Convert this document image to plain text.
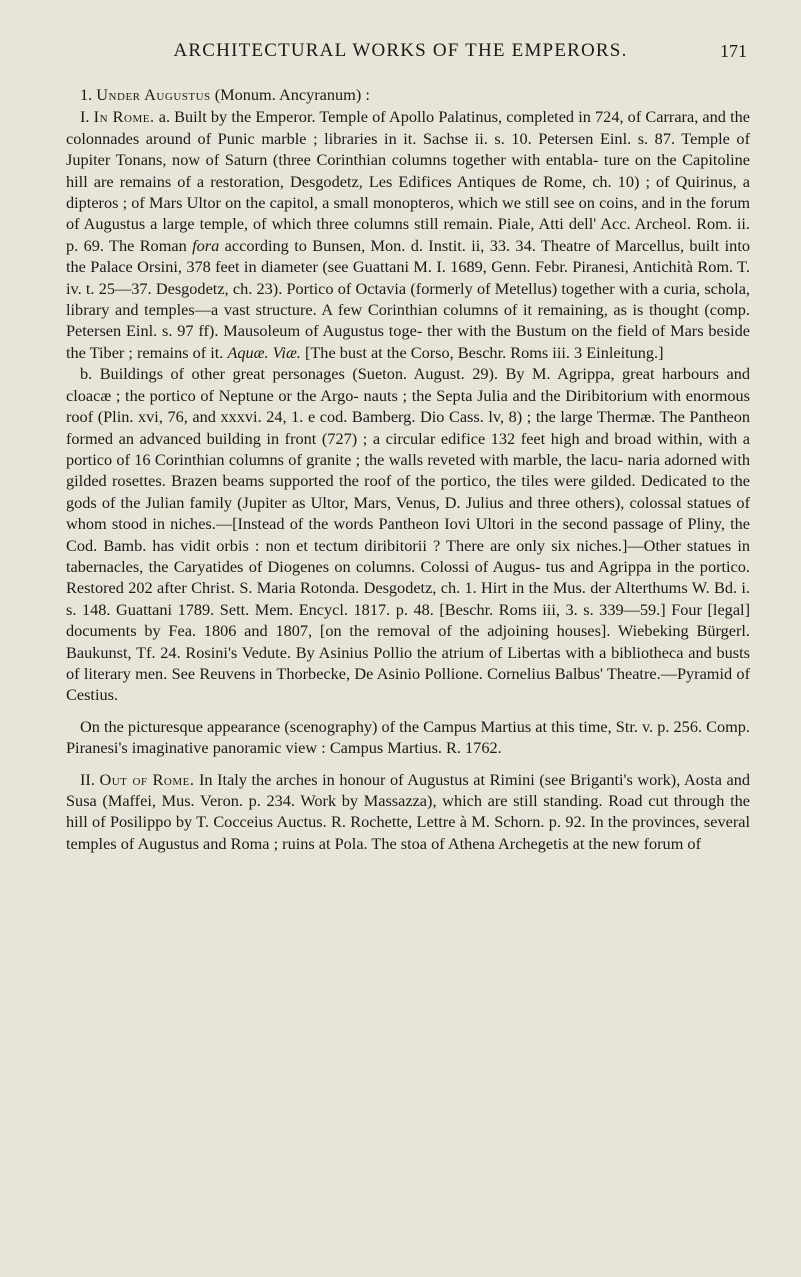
ARCHITECTURAL WORKS OF THE EMPERORS.	171

1. Under Augustus (Monum. Ancyranum) :

I. In Rome. a. Built by the Emperor. Temple of Apollo Palatinus, completed in 724, of Carrara, and the colonnades around of Punic marble ; libraries in it. Sachse ii. s. 10. Petersen Einl. s. 87. Temple of Jupiter Tonans, now of Saturn (three Corinthian columns together with entabla- ture on the Capitoline hill are remains of a restoration, Desgodetz, Les Edifices Antiques de Rome, ch. 10) ; of Quirinus, a dipteros ; of Mars Ultor on the capitol, a small monopteros, which we still see on coins, and in the forum of Augustus a large temple, of which three columns still remain. Piale, Atti dell' Acc. Archeol. Rom. ii. p. 69. The Roman fora according to Bunsen, Mon. d. Instit. ii, 33. 34. Theatre of Marcellus, built into the Palace Orsini, 378 feet in diameter (see Guattani M. I. 1689, Genn. Febr. Piranesi, Antichità Rom. T. iv. t. 25—37. Desgodetz, ch. 23). Portico of Octavia (formerly of Metellus) together with a curia, schola, library and temples—a vast structure. A few Corinthian columns of it remaining, as is thought (comp. Petersen Einl. s. 97 ff). Mausoleum of Augustus toge- ther with the Bustum on the field of Mars beside the Tiber ; remains of it. Aquæ. Viæ. [The bust at the Corso, Beschr. Roms iii. 3 Einleitung.]

b. Buildings of other great personages (Sueton. August. 29). By M. Agrippa, great harbours and cloacæ ; the portico of Neptune or the Argo- nauts ; the Septa Julia and the Diribitorium with enormous roof (Plin. xvi, 76, and xxxvi. 24, 1. e cod. Bamberg. Dio Cass. lv, 8) ; the large Thermæ. The Pantheon formed an advanced building in front (727) ; a circular edifice 132 feet high and broad within, with a portico of 16 Corinthian columns of granite ; the walls reveted with marble, the lacu- naria adorned with gilded rosettes. Brazen beams supported the roof of the portico, the tiles were gilded. Dedicated to the gods of the Julian family (Jupiter as Ultor, Mars, Venus, D. Julius and three others), colossal statues of whom stood in niches.—[Instead of the words Pantheon Iovi Ultori in the second passage of Pliny, the Cod. Bamb. has vidit orbis : non et tectum diribitorii ? There are only six niches.]—Other statues in tabernacles, the Caryatides of Diogenes on columns. Colossi of Augus- tus and Agrippa in the portico. Restored 202 after Christ. S. Maria Rotonda. Desgodetz, ch. 1. Hirt in the Mus. der Alterthums W. Bd. i. s. 148. Guattani 1789. Sett. Mem. Encycl. 1817. p. 48. [Beschr. Roms iii, 3. s. 339—59.] Four [legal] documents by Fea. 1806 and 1807, [on the removal of the adjoining houses]. Wiebeking Bürgerl. Baukunst, Tf. 24. Rosini's Vedute. By Asinius Pollio the atrium of Libertas with a bibliotheca and busts of literary men. See Reuvens in Thorbecke, De Asinio Pollione. Cornelius Balbus' Theatre.—Pyramid of Cestius.

On the picturesque appearance (scenography) of the Campus Martius at this time, Str. v. p. 256. Comp. Piranesi's imaginative panoramic view : Campus Martius. R. 1762.

II. Out of Rome. In Italy the arches in honour of Augustus at Rimini (see Briganti's work), Aosta and Susa (Maffei, Mus. Veron. p. 234. Work by Massazza), which are still standing. Road cut through the hill of Posilippo by T. Cocceius Auctus. R. Rochette, Lettre à M. Schorn. p. 92. In the provinces, several temples of Augustus and Roma ; ruins at Pola. The stoa of Athena Archegetis at the new forum of
